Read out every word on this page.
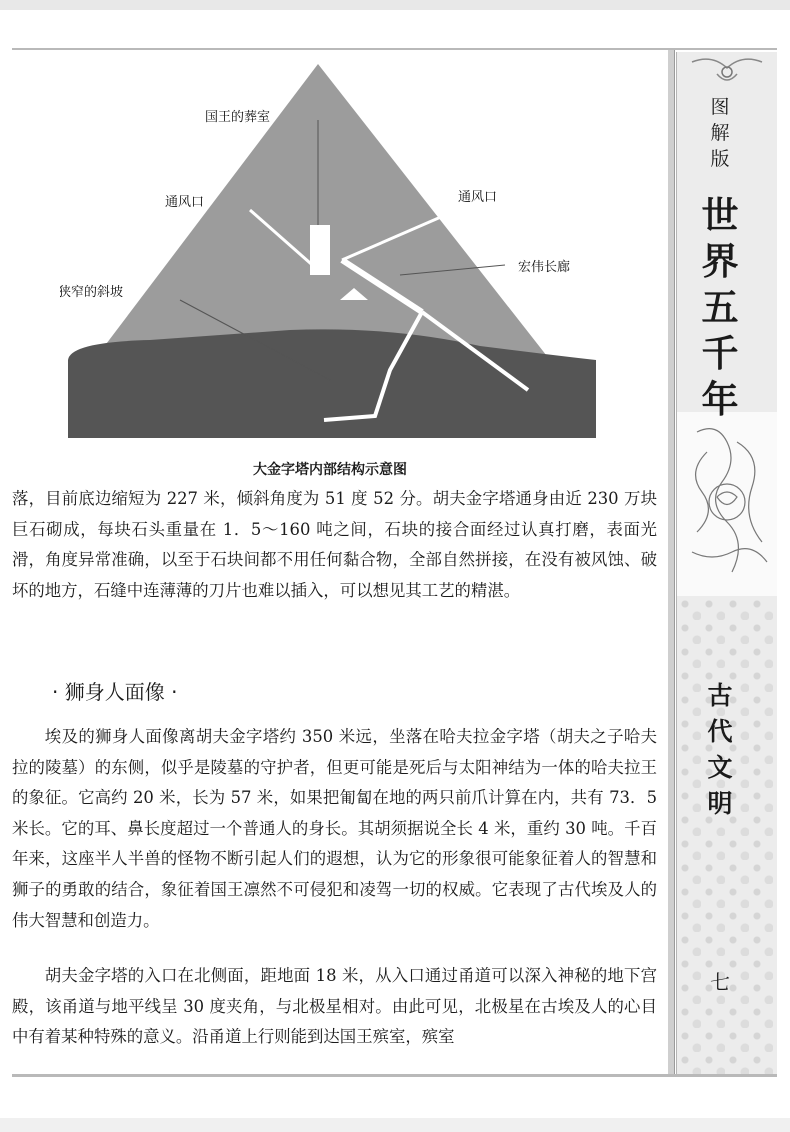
图
解
版
世
界
五
千
年
古
代
文
明
七
国王的葬室
通风口	通风口
宏伟长廊
狭窄的斜坡
大金字塔内部结构示意图

落，目前底边缩短为 227 米，倾斜角度为 51 度 52 分。胡夫金字塔通身由近 230 万块巨石砌成，每块石头重量在 1．5～160 吨之间，石块的接合面经过认真打磨，表面光滑，角度异常准确，以至于石块间都不用任何黏合物，全部自然拼接，在没有被风蚀、破坏的地方，石缝中连薄薄的刀片也难以插入，可以想见其工艺的精湛。

· 狮身人面像 ·

埃及的狮身人面像离胡夫金字塔约 350 米远，坐落在哈夫拉金字塔（胡夫之子哈夫拉的陵墓）的东侧，似乎是陵墓的守护者，但更可能是死后与太阳神结为一体的哈夫拉王的象征。它高约 20 米，长为 57 米，如果把匍匐在地的两只前爪计算在内，共有 73．5 米长。它的耳、鼻长度超过一个普通人的身长。其胡须据说全长 4 米，重约 30 吨。千百年来，这座半人半兽的怪物不断引起人们的遐想，认为它的形象很可能象征着人的智慧和狮子的勇敢的结合，象征着国王凛然不可侵犯和凌驾一切的权威。它表现了古代埃及人的伟大智慧和创造力。

胡夫金字塔的入口在北侧面，距地面 18 米，从入口通过甬道可以深入神秘的地下宫殿，该甬道与地平线呈 30 度夹角，与北极星相对。由此可见，北极星在古埃及人的心目中有着某种特殊的意义。沿甬道上行则能到达国王殡室，殡室
